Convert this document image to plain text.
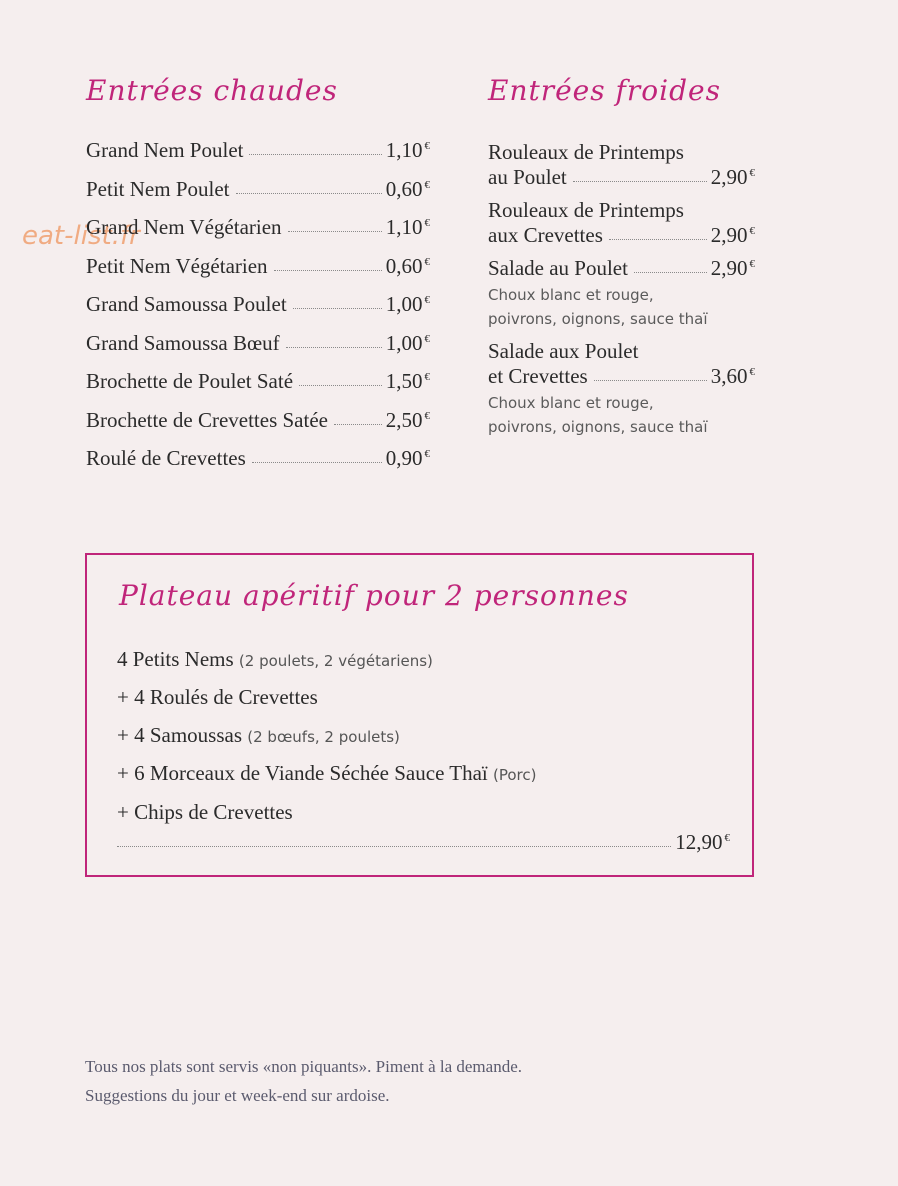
eat-list.fr
Entrées chaudes
Grand Nem Poulet	1,10 €
Petit Nem Poulet	0,60 €
Grand Nem Végétarien	1,10 €
Petit Nem Végétarien	0,60 €
Grand Samoussa Poulet	1,00 €
Grand Samoussa Bœuf	1,00 €
Brochette de Poulet Saté	1,50 €
Brochette de Crevettes Satée	2,50 €
Roulé de Crevettes	0,90 €
Entrées froides
Rouleaux de Printemps
au Poulet	2,90 €
Rouleaux de Printemps
aux Crevettes	2,90 €
Salade au Poulet	2,90 €
Choux blanc et rouge,
poivrons, oignons, sauce thaï
Salade aux Poulet
et Crevettes	3,60 €
Choux blanc et rouge,
poivrons, oignons, sauce thaï
Plateau apéritif pour 2 personnes
4 Petits Nems (2 poulets, 2 végétariens)
+ 4 Roulés de Crevettes
+ 4 Samoussas (2 bœufs, 2 poulets)
+ 6 Morceaux de Viande Séchée Sauce Thaï (Porc)
+ Chips de Crevettes
12,90 €
Tous nos plats sont servis «non piquants». Piment à la demande.
Suggestions du jour et week-end sur ardoise.
